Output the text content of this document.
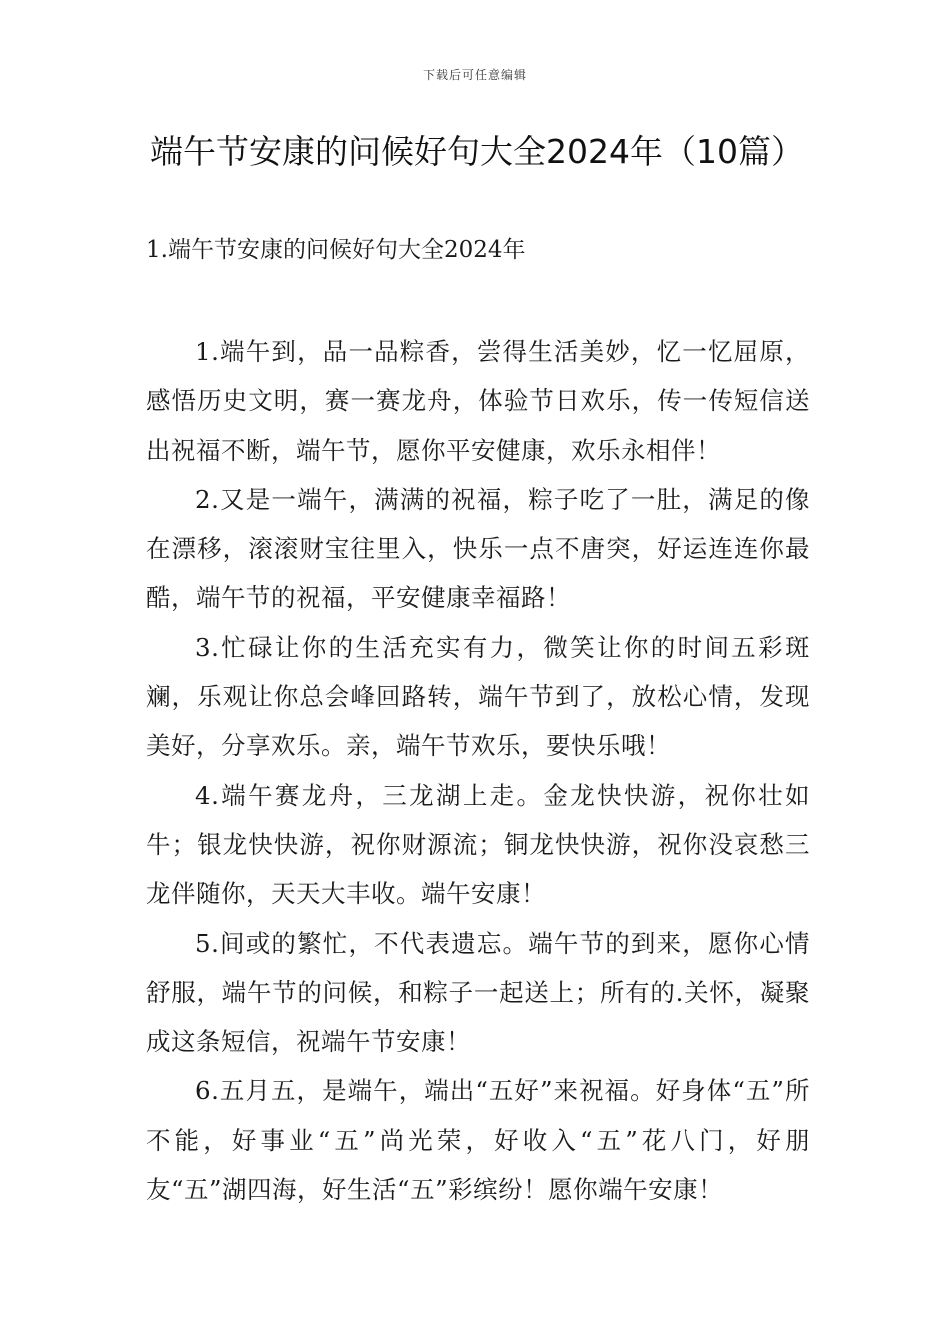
下载后可任意编辑
端午节安康的问候好句大全2024年（10篇）
1.端午节安康的问候好句大全2024年

1.端午到，品一品粽香，尝得生活美妙，忆一忆屈原，感悟历史文明，赛一赛龙舟，体验节日欢乐，传一传短信送出祝福不断，端午节，愿你平安健康，欢乐永相伴！

2.又是一端午，满满的祝福，粽子吃了一肚，满足的像在漂移，滚滚财宝往里入，快乐一点不唐突，好运连连你最酷，端午节的祝福，平安健康幸福路！

3.忙碌让你的生活充实有力，微笑让你的时间五彩斑斓，乐观让你总会峰回路转，端午节到了，放松心情，发现美好，分享欢乐。亲，端午节欢乐，要快乐哦！

4.端午赛龙舟，三龙湖上走。金龙快快游，祝你壮如牛；银龙快快游，祝你财源流；铜龙快快游，祝你没哀愁三龙伴随你，天天大丰收。端午安康！

5.间或的繁忙，不代表遗忘。端午节的到来，愿你心情舒服，端午节的问候，和粽子一起送上；所有的.关怀，凝聚成这条短信，祝端午节安康！

6.五月五，是端午，端出“五好”来祝福。好身体“五”所不能，好事业“五”尚光荣，好收入“五”花八门，好朋友“五”湖四海，好生活“五”彩缤纷！愿你端午安康！
